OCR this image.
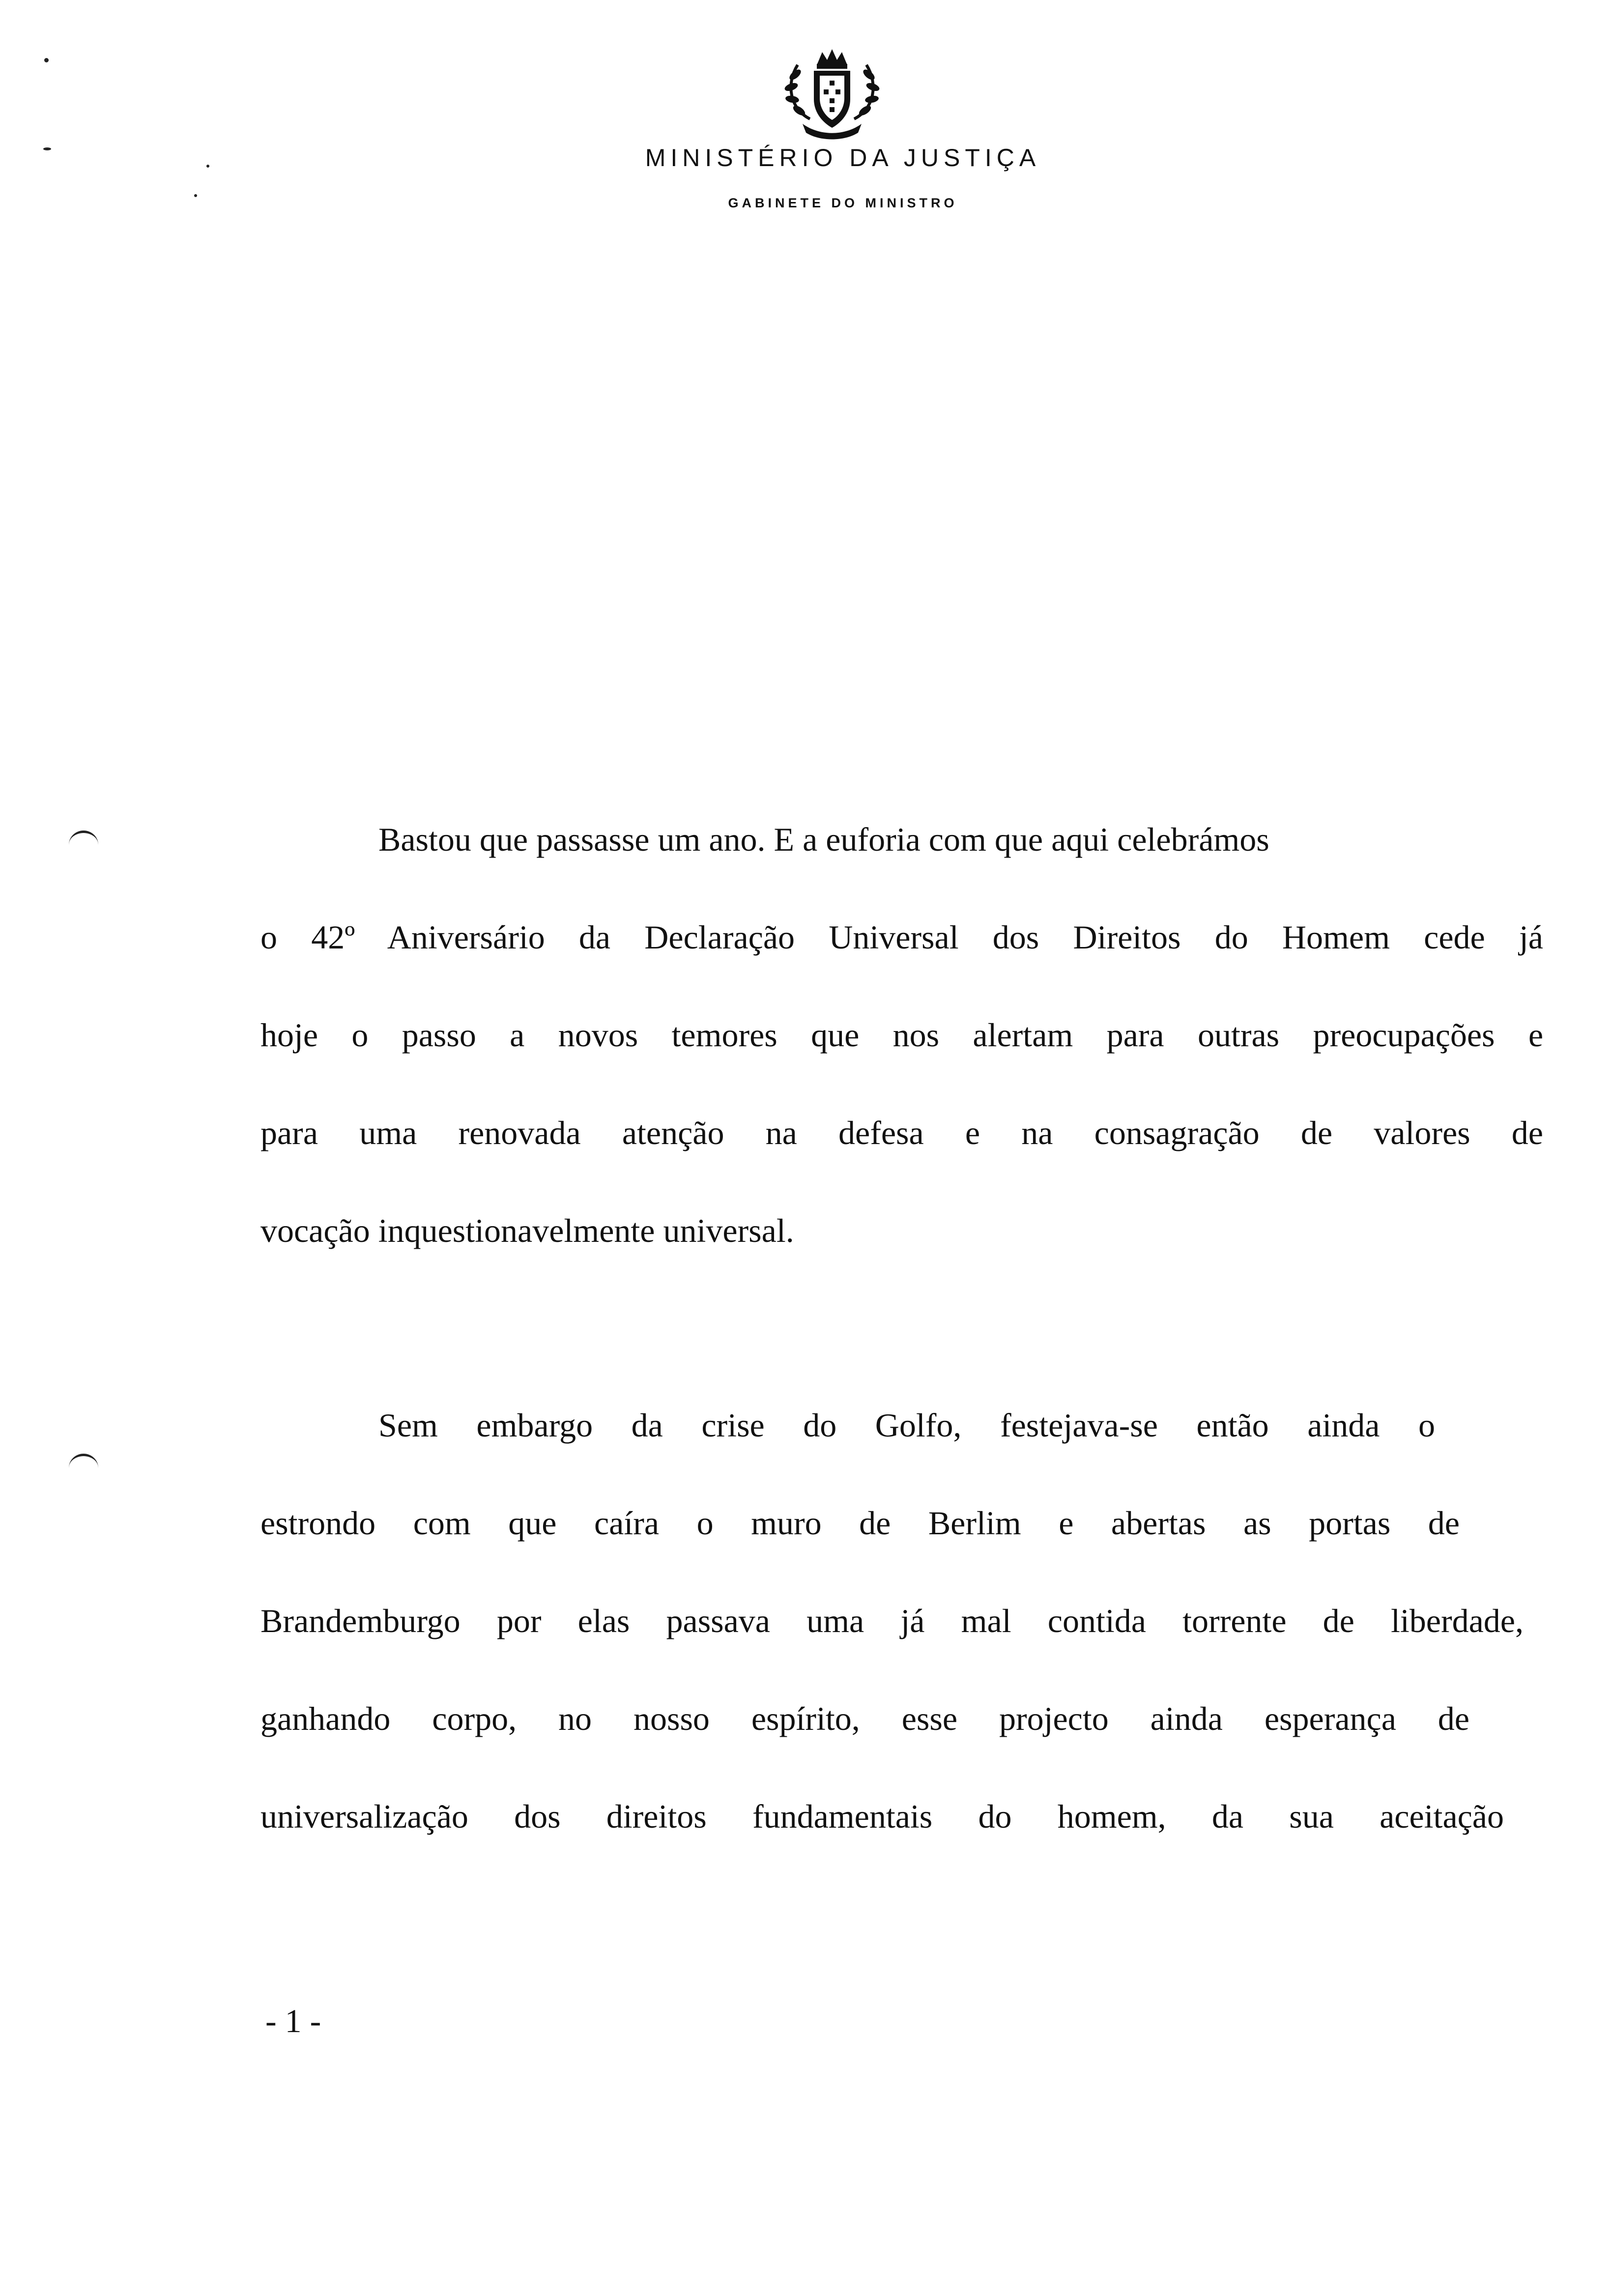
MINISTÉRIO DA JUSTIÇA
GABINETE DO MINISTRO
Bastou que passasse um ano. E a euforia com que aqui celebrámos
o 42º Aniversário da Declaração Universal dos Direitos do Homem cede já
hoje o passo a novos temores que nos alertam para outras preocupações e
para uma renovada atenção na defesa e na consagração de valores de
vocação inquestionavelmente universal.
Sem embargo da crise do Golfo, festejava-se então ainda o
estrondo com que caíra o muro de Berlim e abertas as portas de
Brandemburgo por elas passava uma já mal contida torrente de liberdade,
ganhando corpo, no nosso espírito, esse projecto ainda esperança de
universalização dos direitos fundamentais do homem, da sua aceitação
- 1 -
